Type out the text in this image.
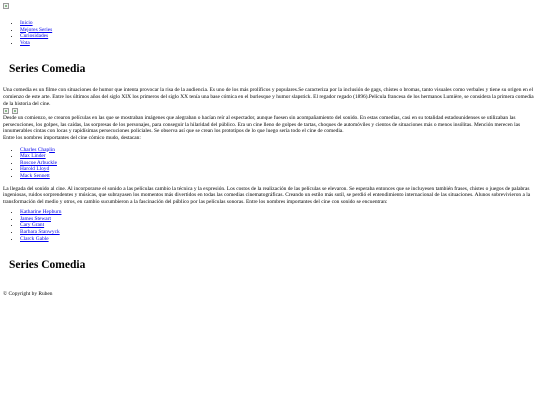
• Inicio
• Mejores Series
• Curiosidades
• Vota
Series Comedia

Una comedia es un filme con situaciones de humor que intenta provocar la risa de la audiencia. Es uno de los más prolíficos y populares.Se caracteriza por la inclusión de gags, chistes o bromas, tanto visuales como verbales y tiene su origen en el comienzo de este arte. Entre los últimos años del siglo XIX los primeros del siglo XX tenía una base cómica en el burlesque y humor slapstick. El regador regado (1896).Película francesa de los hermanos Lumière, se considera la primera comedia de la historia del cine.

Desde un comienzo, se crearon películas en las que se mostraban imágenes que alegraban o hacían reír al espectador, aunque fuesen sin acompañamiento del sonido. En estas comedias, casi en su totalidad estadounidenses se utilizaban las persecuciones, los golpes, las caídas, las sorpresas de los personajes, para conseguir la hilaridad del público. Era un cine lleno de golpes de tartas, choques de automóviles y cientos de situaciones más o menos insólitas. Mención merecen las innumerables cintas con locas y rapidísimas persecuciones policiales. Se observa así que se crean los prototipos de lo que luego sería todo el cine de comedia.

Entre los nombres importantes del cine cómico mudo, destacan:

• Charles Chaplin
• Max Linder
• Roscoe Arbuckle
• Harold Lloyd
• Mack Sennett

La llegada del sonido al cine. Al incorporarse el sonido a las películas cambio la técnica y la expresión. Los costos de la realización de las películas se elevaron. Se esperaba entonces que se incluyesen también frases, chistes o juegos de palabras ingeniosas, ruidos sorprendentes y músicas, que subrayasen los momentos más divertidos en todas las comedias cinematográficas. Creando un estilo más sutil, se perdió el entendimiento internacional de las situaciones. Alunos sobrevivieron a la transformación del medio y otros, en cambio sucumbieron a la fascinación del público por las películas sonoras. Entre los nombres importantes del cine con sonido se encuentran:

• Katharine Hepburn
• James Stewart
• Cary Grant
• Barbara Stanwyck
• Clarck Gable
Series Comedia

© Copyright by Ruben
